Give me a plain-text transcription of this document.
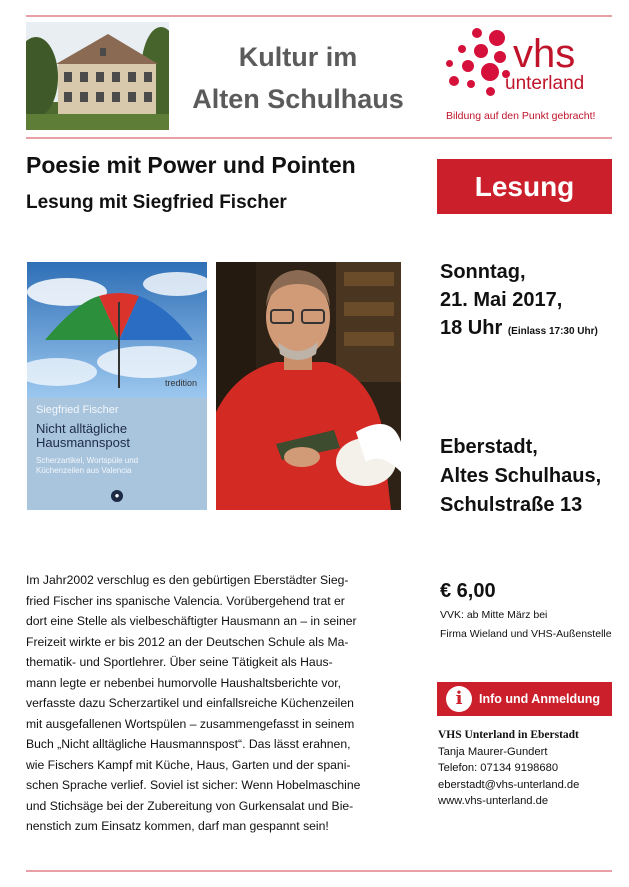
Kultur im
Alten Schulhaus
vhs
unterland
Bildung auf den Punkt gebracht!
Poesie mit Power und Pointen
Lesung mit Siegfried Fischer
Lesung
tredition
Siegfried Fischer
Nicht alltägliche
Hausmannspost
Scherzartikel, Wortspüle und
Küchenzeilen aus Valencia
●
Sonntag,
21. Mai 2017,
18 Uhr (Einlass 17:30 Uhr)
Eberstadt,
Altes Schulhaus,
Schulstraße 13
Im Jahr2002 verschlug es den gebürtigen Eberstädter Sieg-
fried Fischer ins spanische Valencia. Vorübergehend trat er
dort eine Stelle als vielbeschäftigter Hausmann an – in seiner
Freizeit wirkte er bis 2012 an der Deutschen Schule als Ma-
thematik- und Sportlehrer. Über seine Tätigkeit als Haus-
mann legte er nebenbei humorvolle Haushaltsberichte vor,
verfasste dazu Scherzartikel und einfallsreiche Küchenzeilen
mit ausgefallenen Wortspülen – zusammengefasst in seinem
Buch „Nicht alltägliche Hausmannspost“. Das lässt erahnen,
wie Fischers Kampf mit Küche, Haus, Garten und der spani-
schen Sprache verlief. Soviel ist sicher: Wenn Hobelmaschine
und Stichsäge bei der Zubereitung von Gurkensalat und Bie-
nenstich zum Einsatz kommen, darf man gespannt sein!
€ 6,00
VVK: ab Mitte März bei
Firma Wieland und VHS-Außenstelle
i	Info und Anmeldung
VHS Unterland in Eberstadt
Tanja Maurer-Gundert
Telefon: 07134 9198680
eberstadt@vhs-unterland.de
www.vhs-unterland.de
